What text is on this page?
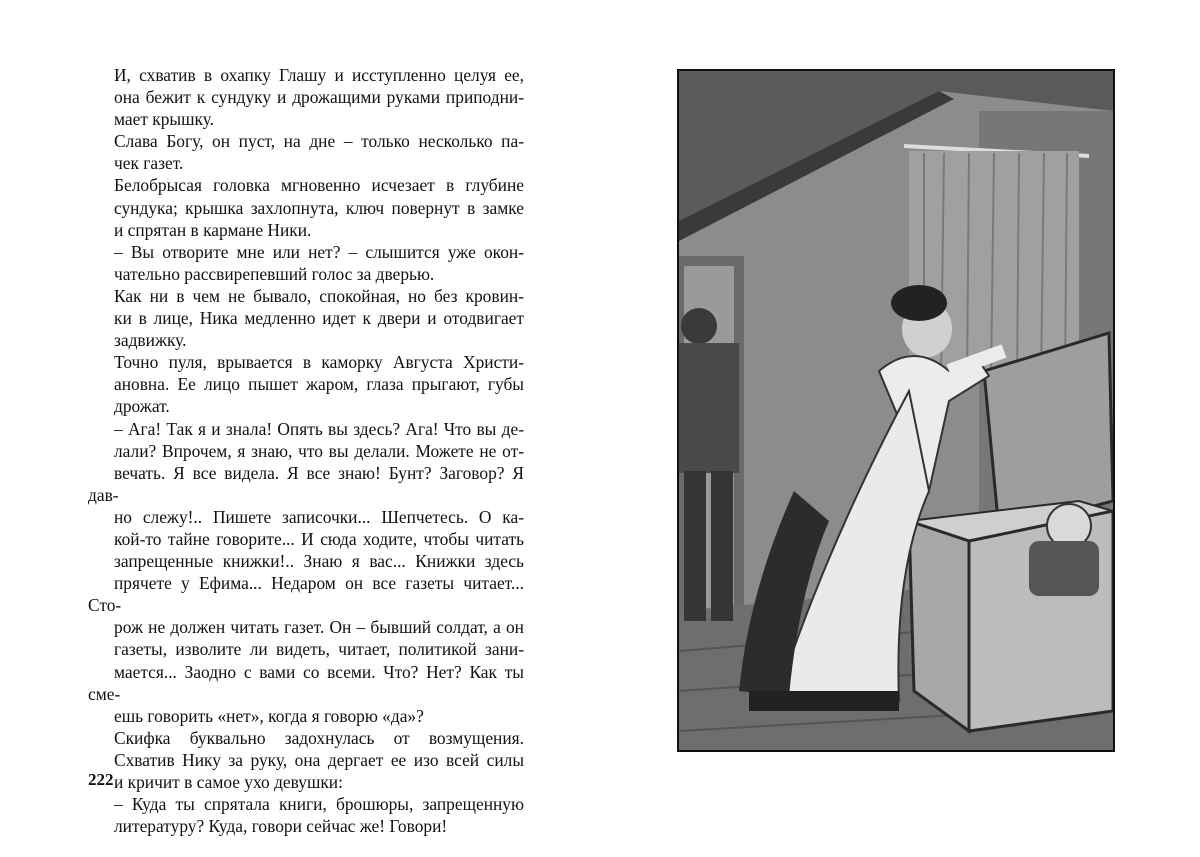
И, схватив в охапку Глашу и исступленно целуя ее,
она бежит к сундуку и дрожащими руками приподни-
мает крышку.

Слава Богу, он пуст, на дне – только несколько па-
чек газет.

Белобрысая головка мгновенно исчезает в глубине
сундука; крышка захлопнута, ключ повернут в замке
и спрятан в кармане Ники.

– Вы отворите мне или нет? – слышится уже окон-
чательно рассвирепевший голос за дверью.

Как ни в чем не бывало, спокойная, но без кровин-
ки в лице, Ника медленно идет к двери и отодвигает
задвижку.

Точно пуля, врывается в каморку Августа Христи-
ановна. Ее лицо пышет жаром, глаза прыгают, губы
дрожат.

– Ага! Так я и знала! Опять вы здесь? Ага! Что вы де-
лали? Впрочем, я знаю, что вы делали. Можете не от-
вечать. Я все видела. Я все знаю! Бунт? Заговор? Я дав-
но слежу!.. Пишете записочки... Шепчетесь. О ка-
кой-то тайне говорите... И сюда ходите, чтобы читать
запрещенные книжки!.. Знаю я вас... Книжки здесь
прячете у Ефима... Недаром он все газеты читает... Сто-
рож не должен читать газет. Он – бывший солдат, а он
газеты, изволите ли видеть, читает, политикой зани-
мается... Заодно с вами со всеми. Что? Нет? Как ты сме-
ешь говорить «нет», когда я говорю «да»?

Скифка буквально задохнулась от возмущения.
Схватив Нику за руку, она дергает ее изо всей силы
и кричит в самое ухо девушки:

– Куда ты спрятала книги, брошюры, запрещенную
литературу? Куда, говори сейчас же! Говори!

222
